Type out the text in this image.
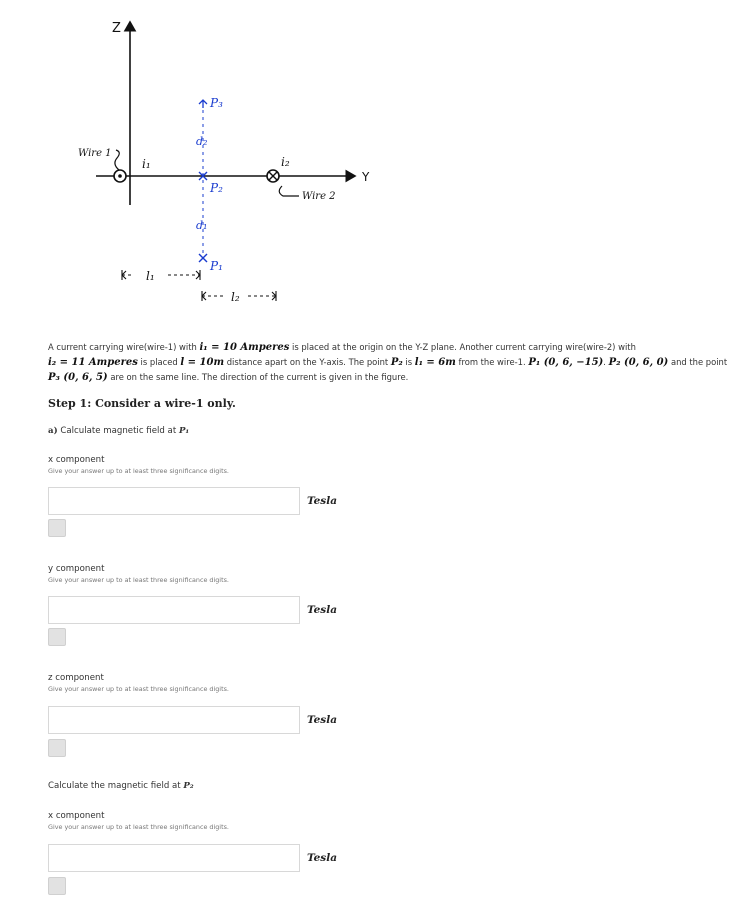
Z
Y
Wire 1
i₁	i₂
Wire 2
P₃
d₂
P₂
d₁
P₁
l₁
l₂
A current carrying wire(wire-1) with i₁ = 10 Amperes is placed at the origin on the Y-Z plane. Another current carrying wire(wire-2) with
i₂ = 11 Amperes is placed l = 10m distance apart on the Y-axis. The point P₂ is l₁ = 6m from the wire-1. P₁ (0, 6, −15). P₂ (0, 6, 0) and the point
P₃ (0, 6, 5) are on the same line. The direction of the current is given in the figure.
Step 1: Consider a wire-1 only.
a) Calculate magnetic field at P₁
x component
Give your answer up to at least three significance digits.
Tesla
y component
Give your answer up to at least three significance digits.
Tesla
z component
Give your answer up to at least three significance digits.
Tesla
Calculate the magnetic field at P₂
x component
Give your answer up to at least three significance digits.
Tesla
